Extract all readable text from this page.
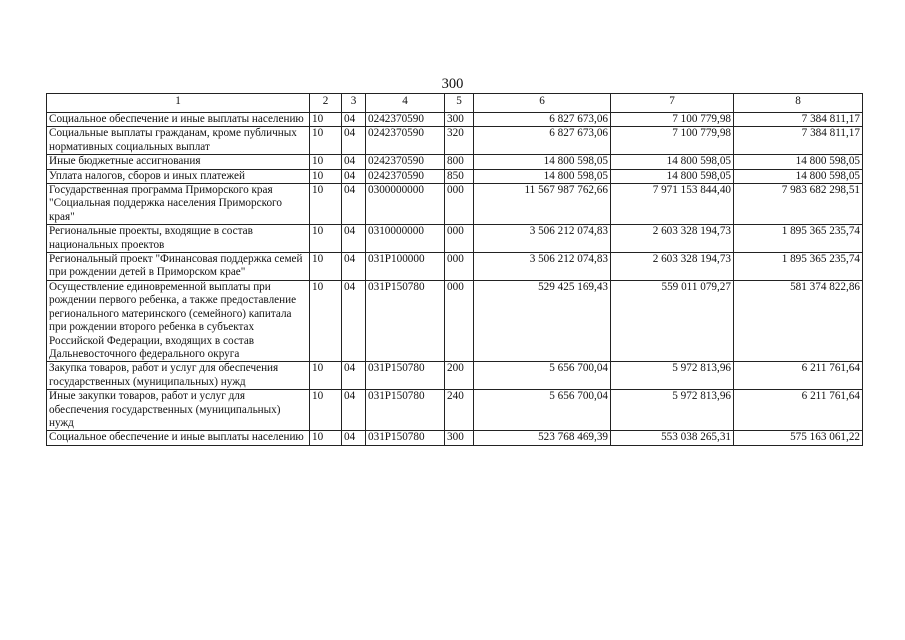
300
1	2	3	4	5	6	7	8
Социальное обеспечение и иные выплаты населению	10	04	0242370590	300	6 827 673,06	7 100 779,98	7 384 811,17
Социальные выплаты гражданам, кроме публичных нормативных социальных выплат	10	04	0242370590	320	6 827 673,06	7 100 779,98	7 384 811,17
Иные бюджетные ассигнования	10	04	0242370590	800	14 800 598,05	14 800 598,05	14 800 598,05
Уплата налогов, сборов и иных платежей	10	04	0242370590	850	14 800 598,05	14 800 598,05	14 800 598,05
Государственная программа Приморского края "Социальная поддержка населения Приморского края"	10	04	0300000000	000	11 567 987 762,66	7 971 153 844,40	7 983 682 298,51
Региональные проекты, входящие в состав национальных проектов	10	04	0310000000	000	3 506 212 074,83	2 603 328 194,73	1 895 365 235,74
Региональный проект "Финансовая поддержка семей при рождении детей в Приморском крае"	10	04	031P100000	000	3 506 212 074,83	2 603 328 194,73	1 895 365 235,74
Осуществление единовременной выплаты при рождении первого ребенка, а также предоставление регионального материнского (семейного) капитала при рождении второго ребенка в субъектах Российской Федерации, входящих в состав Дальневосточного федерального округа	10	04	031P150780	000	529 425 169,43	559 011 079,27	581 374 822,86
Закупка товаров, работ и услуг для обеспечения государственных (муниципальных) нужд	10	04	031P150780	200	5 656 700,04	5 972 813,96	6 211 761,64
Иные закупки товаров, работ и услуг для обеспечения государственных (муниципальных) нужд	10	04	031P150780	240	5 656 700,04	5 972 813,96	6 211 761,64
Социальное обеспечение и иные выплаты населению	10	04	031P150780	300	523 768 469,39	553 038 265,31	575 163 061,22
